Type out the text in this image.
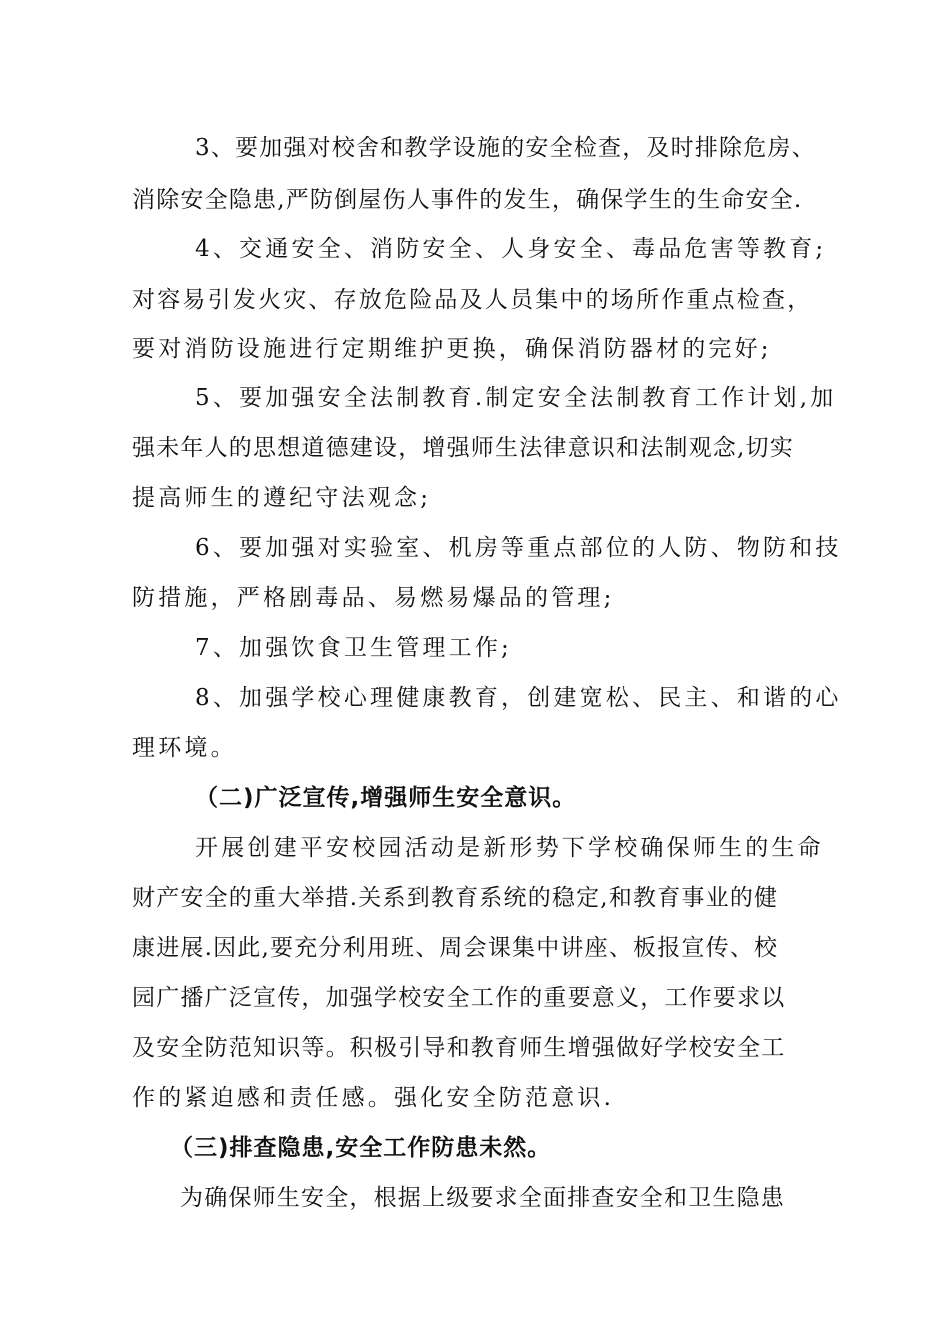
3、要加强对校舍和教学设施的安全检查，及时排除危房、
消除安全隐患,严防倒屋伤人事件的发生，确保学生的生命安全.
4、交通安全、消防安全、人身安全、毒品危害等教育;
对容易引发火灾、存放危险品及人员集中的场所作重点检查，
要对消防设施进行定期维护更换，确保消防器材的完好;
5、要加强安全法制教育.制定安全法制教育工作计划,加
强未年人的思想道德建设，增强师生法律意识和法制观念,切实
提高师生的遵纪守法观念;
6、要加强对实验室、机房等重点部位的人防、物防和技
防措施，严格剧毒品、易燃易爆品的管理;
7、加强饮食卫生管理工作;
8、加强学校心理健康教育，创建宽松、民主、和谐的心
理环境。
（二)广泛宣传,增强师生安全意识。
开展创建平安校园活动是新形势下学校确保师生的生命
财产安全的重大举措.关系到教育系统的稳定,和教育事业的健
康进展.因此,要充分利用班、周会课集中讲座、板报宣传、校
园广播广泛宣传，加强学校安全工作的重要意义，工作要求以
及安全防范知识等。积极引导和教育师生增强做好学校安全工
作的紧迫感和责任感。强化安全防范意识.
（三)排查隐患,安全工作防患未然。
为确保师生安全，根据上级要求全面排查安全和卫生隐患
